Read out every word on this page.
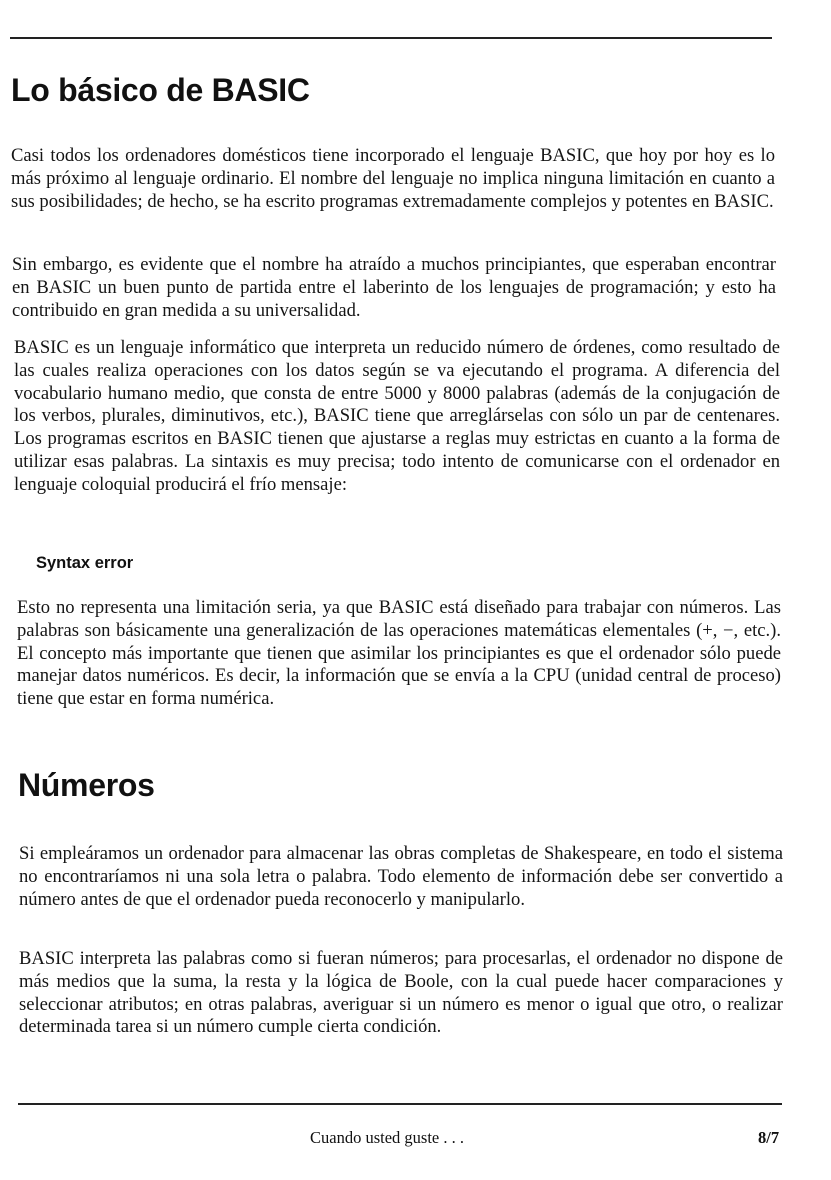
Lo básico de BASIC

Casi todos los ordenadores domésticos tiene incorporado el lenguaje BASIC, que hoy por hoy es lo más próximo al lenguaje ordinario. El nombre del lenguaje no implica ninguna limitación en cuanto a sus posibilidades; de hecho, se ha escrito programas extremadamente complejos y potentes en BASIC.

Sin embargo, es evidente que el nombre ha atraído a muchos principiantes, que esperaban encontrar en BASIC un buen punto de partida entre el laberinto de los lenguajes de programación; y esto ha contribuido en gran medida a su universalidad.

BASIC es un lenguaje informático que interpreta un reducido número de órdenes, como resultado de las cuales realiza operaciones con los datos según se va ejecutando el programa. A diferencia del vocabulario humano medio, que consta de entre 5000 y 8000 palabras (además de la conjugación de los verbos, plurales, diminutivos, etc.), BASIC tiene que arreglárselas con sólo un par de centenares. Los programas escritos en BASIC tienen que ajustarse a reglas muy estrictas en cuanto a la forma de utilizar esas palabras. La sintaxis es muy precisa; todo intento de comunicarse con el ordenador en lenguaje coloquial producirá el frío mensaje:

Syntax error

Esto no representa una limitación seria, ya que BASIC está diseñado para trabajar con números. Las palabras son básicamente una generalización de las operaciones matemáticas elementales (+, −, etc.). El concepto más importante que tienen que asimilar los principiantes es que el ordenador sólo puede manejar datos numéricos. Es decir, la información que se envía a la CPU (unidad central de proceso) tiene que estar en forma numérica.

Números

Si empleáramos un ordenador para almacenar las obras completas de Shakespeare, en todo el sistema no encontraríamos ni una sola letra o palabra. Todo elemento de información debe ser convertido a número antes de que el ordenador pueda reconocerlo y manipularlo.

BASIC interpreta las palabras como si fueran números; para procesarlas, el ordenador no dispone de más medios que la suma, la resta y la lógica de Boole, con la cual puede hacer comparaciones y seleccionar atributos; en otras palabras, averiguar si un número es menor o igual que otro, o realizar determinada tarea si un número cumple cierta condición.

Cuando usted guste . . .	8/7
